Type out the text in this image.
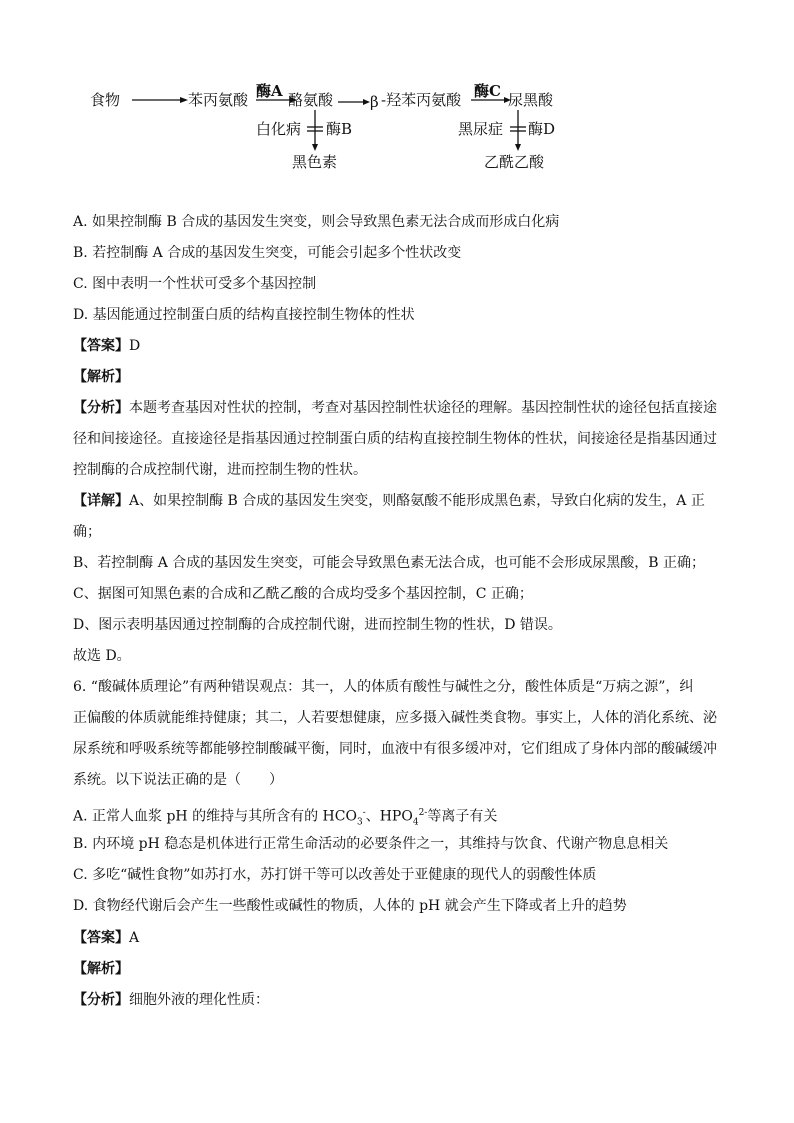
食物	苯丙氨酸 酶A 酪氨酸 β -羟苯丙氨酸 酶C 尿黑酸
白化病 酶B
黑色素
黑尿症 酶D
乙酰乙酸
A. 如果控制酶 B 合成的基因发生突变，则会导致黑色素无法合成而形成白化病
B. 若控制酶 A 合成的基因发生突变，可能会引起多个性状改变
C. 图中表明一个性状可受多个基因控制
D. 基因能通过控制蛋白质的结构直接控制生物体的性状
【答案】D
【解析】
【分析】本题考查基因对性状的控制，考查对基因控制性状途径的理解。基因控制性状的途径包括直接途
径和间接途径。直接途径是指基因通过控制蛋白质的结构直接控制生物体的性状，间接途径是指基因通过
控制酶的合成控制代谢，进而控制生物的性状。
【详解】A、如果控制酶 B 合成的基因发生突变，则酪氨酸不能形成黑色素，导致白化病的发生，A 正
确；
B、若控制酶 A 合成的基因发生突变，可能会导致黑色素无法合成，也可能不会形成尿黑酸，B 正确；
C、据图可知黑色素的合成和乙酰乙酸的合成均受多个基因控制，C 正确；
D、图示表明基因通过控制酶的合成控制代谢，进而控制生物的性状，D 错误。
故选 D。
6. “酸碱体质理论”有两种错误观点：其一，人的体质有酸性与碱性之分，酸性体质是“万病之源”，纠
正偏酸的体质就能维持健康；其二，人若要想健康，应多摄入碱性类食物。事实上，人体的消化系统、泌
尿系统和呼吸系统等都能够控制酸碱平衡，同时，血液中有很多缓冲对，它们组成了身体内部的酸碱缓冲
系统。以下说法正确的是（　　）
A. 正常人血浆 pH 的维持与其所含有的 $HCO_3^-$、$HPO_4^{2-}$等离子有关
B. 内环境 pH 稳态是机体进行正常生命活动的必要条件之一，其维持与饮食、代谢产物息息相关
C. 多吃“碱性食物”如苏打水，苏打饼干等可以改善处于亚健康的现代人的弱酸性体质
D. 食物经代谢后会产生一些酸性或碱性的物质，人体的 pH 就会产生下降或者上升的趋势
【答案】A
【解析】
【分析】细胞外液的理化性质：
